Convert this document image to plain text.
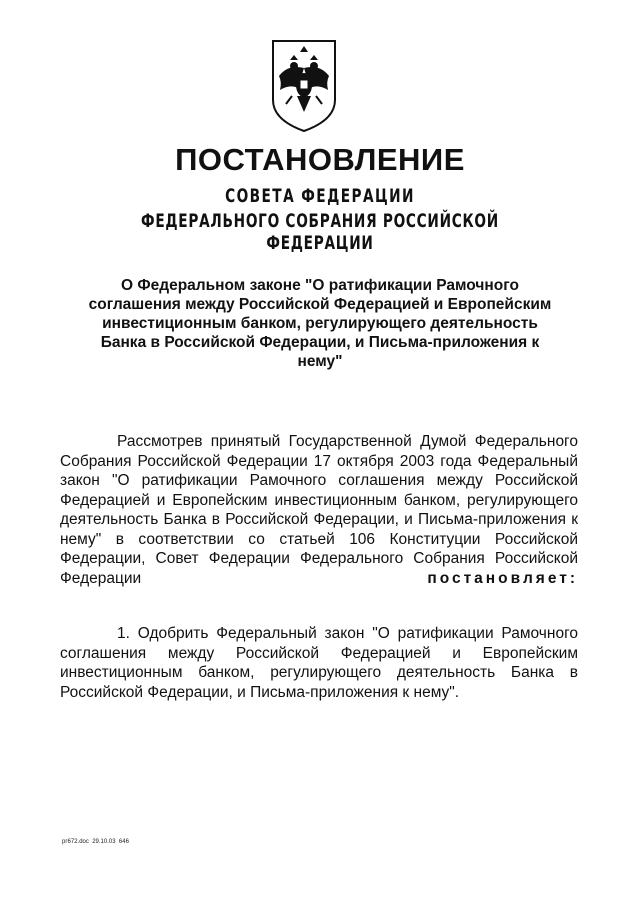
ПОСТАНОВЛЕНИЕ
СОВЕТА ФЕДЕРАЦИИ
ФЕДЕРАЛЬНОГО СОБРАНИЯ РОССИЙСКОЙ ФЕДЕРАЦИИ

О Федеральном законе "О ратификации Рамочного соглашения между Российской Федерацией и Европейским инвестиционным банком, регулирующего деятельность Банка в Российской Федерации, и Письма-приложения к нему"

Рассмотрев принятый Государственной Думой Федерального Собрания Российской Федерации 17 октября 2003 года Федеральный закон "О ратификации Рамочного соглашения между Российской Федерацией и Европейским инвестиционным банком, регулирующего деятельность Банка в Российской Федерации, и Письма-приложения к нему" в соответствии со статьей 106 Конституции Российской Федерации, Совет Федерации Федерального Собрания Российской Федерации	постановляет:

1. Одобрить Федеральный закон "О ратификации Рамочного соглашения между Российской Федерацией и Европейским инвестиционным банком, регулирующего деятельность Банка в Российской Федерации, и Письма-приложения к нему".

рг672.doc  29.10.03  646
